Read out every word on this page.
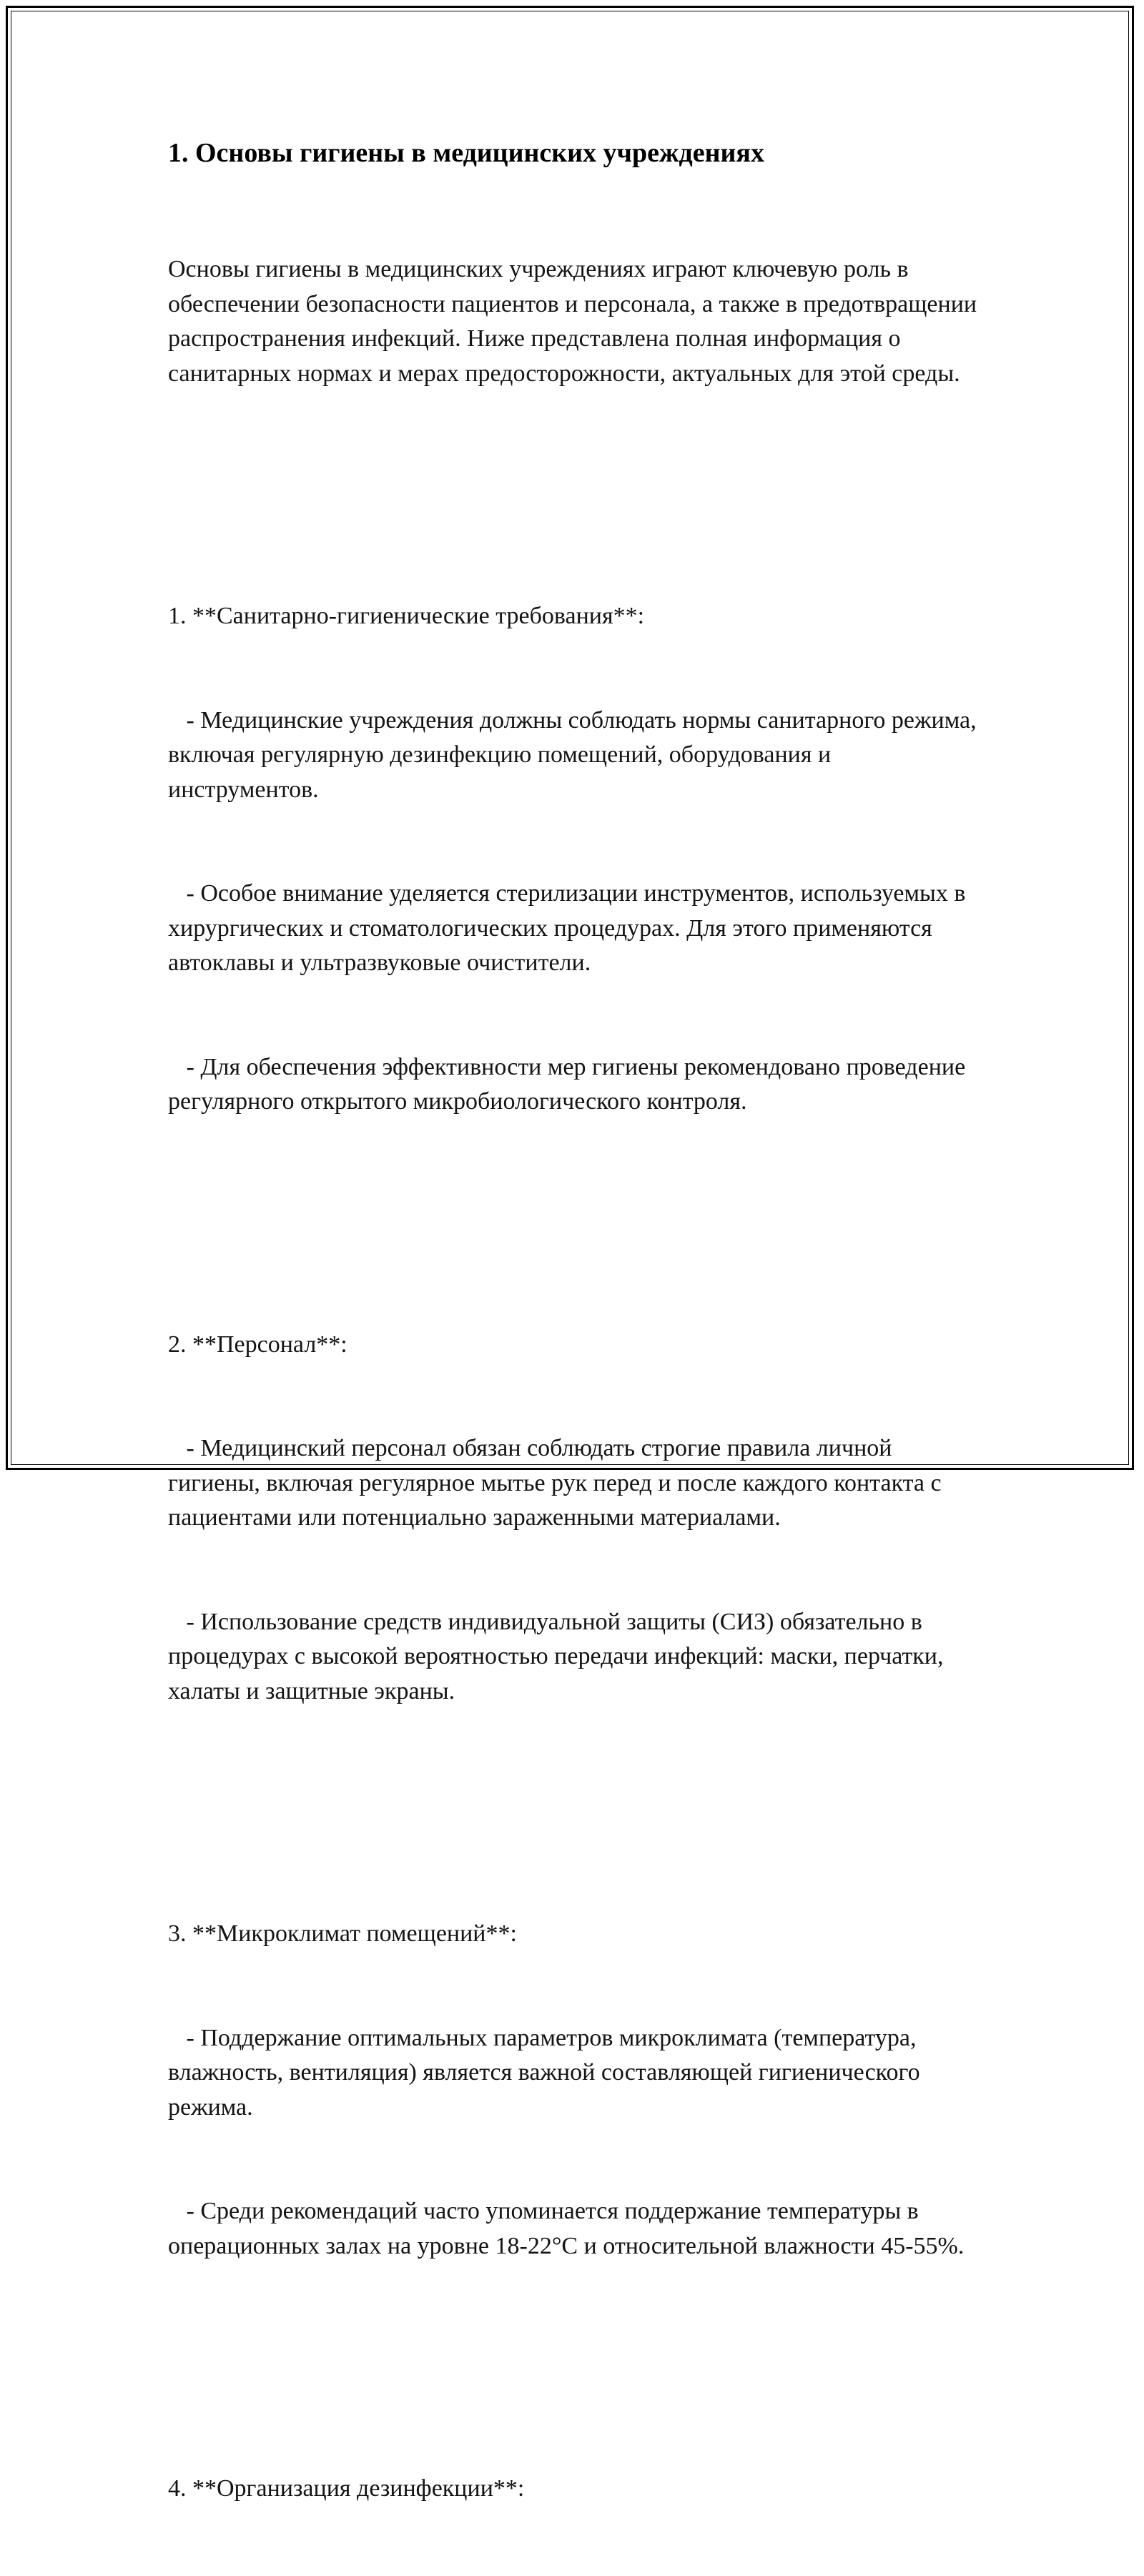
1. Основы гигиены в медицинских учреждениях

Основы гигиены в медицинских учреждениях играют ключевую роль в обеспечении безопасности пациентов и персонала, а также в предотвращении распространения инфекций. Ниже представлена полная информация о санитарных нормах и мерах предосторожности, актуальных для этой среды.

1. **Санитарно-гигиенические требования**:

- Медицинские учреждения должны соблюдать нормы санитарного режима, включая регулярную дезинфекцию помещений, оборудования и инструментов.

- Особое внимание уделяется стерилизации инструментов, используемых в хирургических и стоматологических процедурах. Для этого применяются автоклавы и ультразвуковые очистители.

- Для обеспечения эффективности мер гигиены рекомендовано проведение регулярного открытого микробиологического контроля.

2. **Персонал**:

- Медицинский персонал обязан соблюдать строгие правила личной гигиены, включая регулярное мытье рук перед и после каждого контакта с пациентами или потенциально зараженными материалами.

- Использование средств индивидуальной защиты (СИЗ) обязательно в процедурах с высокой вероятностью передачи инфекций: маски, перчатки, халаты и защитные экраны.

3. **Микроклимат помещений**:

- Поддержание оптимальных параметров микроклимата (температура, влажность, вентиляция) является важной составляющей гигиенического режима.

- Среди рекомендаций часто упоминается поддержание температуры в операционных залах на уровне 18-22°C и относительной влажности 45-55%.

4. **Организация дезинфекции**:
